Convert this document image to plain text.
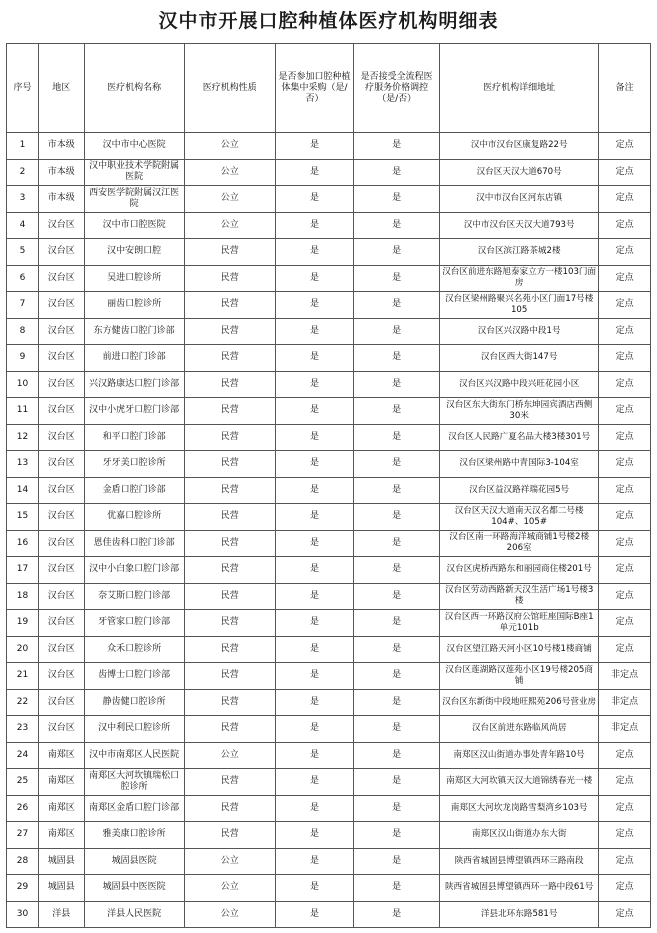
汉中市开展口腔种植体医疗机构明细表
序号	地区	医疗机构名称	医疗机构性质	是否参加口腔种植体集中采购（是/否）	是否接受全流程医疗服务价格调控（是/否）	医疗机构详细地址	备注
1	市本级	汉中市中心医院	公立	是	是	汉中市汉台区康复路22号	定点
2	市本级	汉中职业技术学院附属医院	公立	是	是	汉台区天汉大道670号	定点
3	市本级	西安医学院附属汉江医院	公立	是	是	汉中市汉台区河东店镇	定点
4	汉台区	汉中市口腔医院	公立	是	是	汉中市汉台区天汉大道793号	定点
5	汉台区	汉中安朗口腔	民营	是	是	汉台区滨江路茶城2楼	定点
6	汉台区	吴进口腔诊所	民营	是	是	汉台区前进东路旭泰家立方一楼103门面房	定点
7	汉台区	丽齿口腔诊所	民营	是	是	汉台区梁州路聚兴名苑小区门面17号楼105	定点
8	汉台区	东方健齿口腔门诊部	民营	是	是	汉台区兴汉路中段1号	定点
9	汉台区	前进口腔门诊部	民营	是	是	汉台区西大街147号	定点
10	汉台区	兴汉路康达口腔门诊部	民营	是	是	汉台区兴汉路中段兴旺花园小区	定点
11	汉台区	汉中小虎牙口腔门诊部	民营	是	是	汉台区东大街东门桥东坤园宾酒店西侧30米	定点
12	汉台区	和平口腔门诊部	民营	是	是	汉台区人民路广夏名品大楼3楼301号	定点
13	汉台区	牙牙美口腔诊所	民营	是	是	汉台区梁州路中青国际3-104室	定点
14	汉台区	金盾口腔门诊部	民营	是	是	汉台区益汉路祥瑞花园5号	定点
15	汉台区	优嘉口腔诊所	民营	是	是	汉台区天汉大道南天汉名都二号楼104#、105#	定点
16	汉台区	恩佳齿科口腔门诊部	民营	是	是	汉台区南一环路海洋城商铺1号楼2楼206室	定点
17	汉台区	汉中小白象口腔门诊部	民营	是	是	汉台区虎桥西路东和丽园商住楼201号	定点
18	汉台区	奈艾斯口腔门诊部	民营	是	是	汉台区劳动西路新天汉生活广场1号楼3楼	定点
19	汉台区	牙管家口腔门诊部	民营	是	是	汉台区西一环路汉府公馆旺座国际B座1单元101b	定点
20	汉台区	众禾口腔诊所	民营	是	是	汉台区望江路天河小区10号楼1楼商铺	定点
21	汉台区	齿博士口腔门诊部	民营	是	是	汉台区莲湖路汉莲苑小区19号楼205商铺	非定点
22	汉台区	静齿健口腔诊所	民营	是	是	汉台区东新街中段地旺熙苑206号营业房	非定点
23	汉台区	汉中利民口腔诊所	民营	是	是	汉台区前进东路临风尚居	非定点
24	南郑区	汉中市南郑区人民医院	公立	是	是	南郑区汉山街道办事处青年路10号	定点
25	南郑区	南郑区大河坎镇瑞松口腔诊所	民营	是	是	南郑区大河坎镇天汉大道锦绣春光一楼	定点
26	南郑区	南郑区金盾口腔门诊部	民营	是	是	南郑区大河坎龙岗路雪梨湾乡103号	定点
27	南郑区	雅美康口腔诊所	民营	是	是	南郑区汉山街道办东大街	定点
28	城固县	城固县医院	公立	是	是	陕西省城固县博望镇西环三路南段	定点
29	城固县	城固县中医医院	公立	是	是	陕西省城固县博望镇西环一路中段61号	定点
30	洋县	洋县人民医院	公立	是	是	洋县北环东路581号	定点
